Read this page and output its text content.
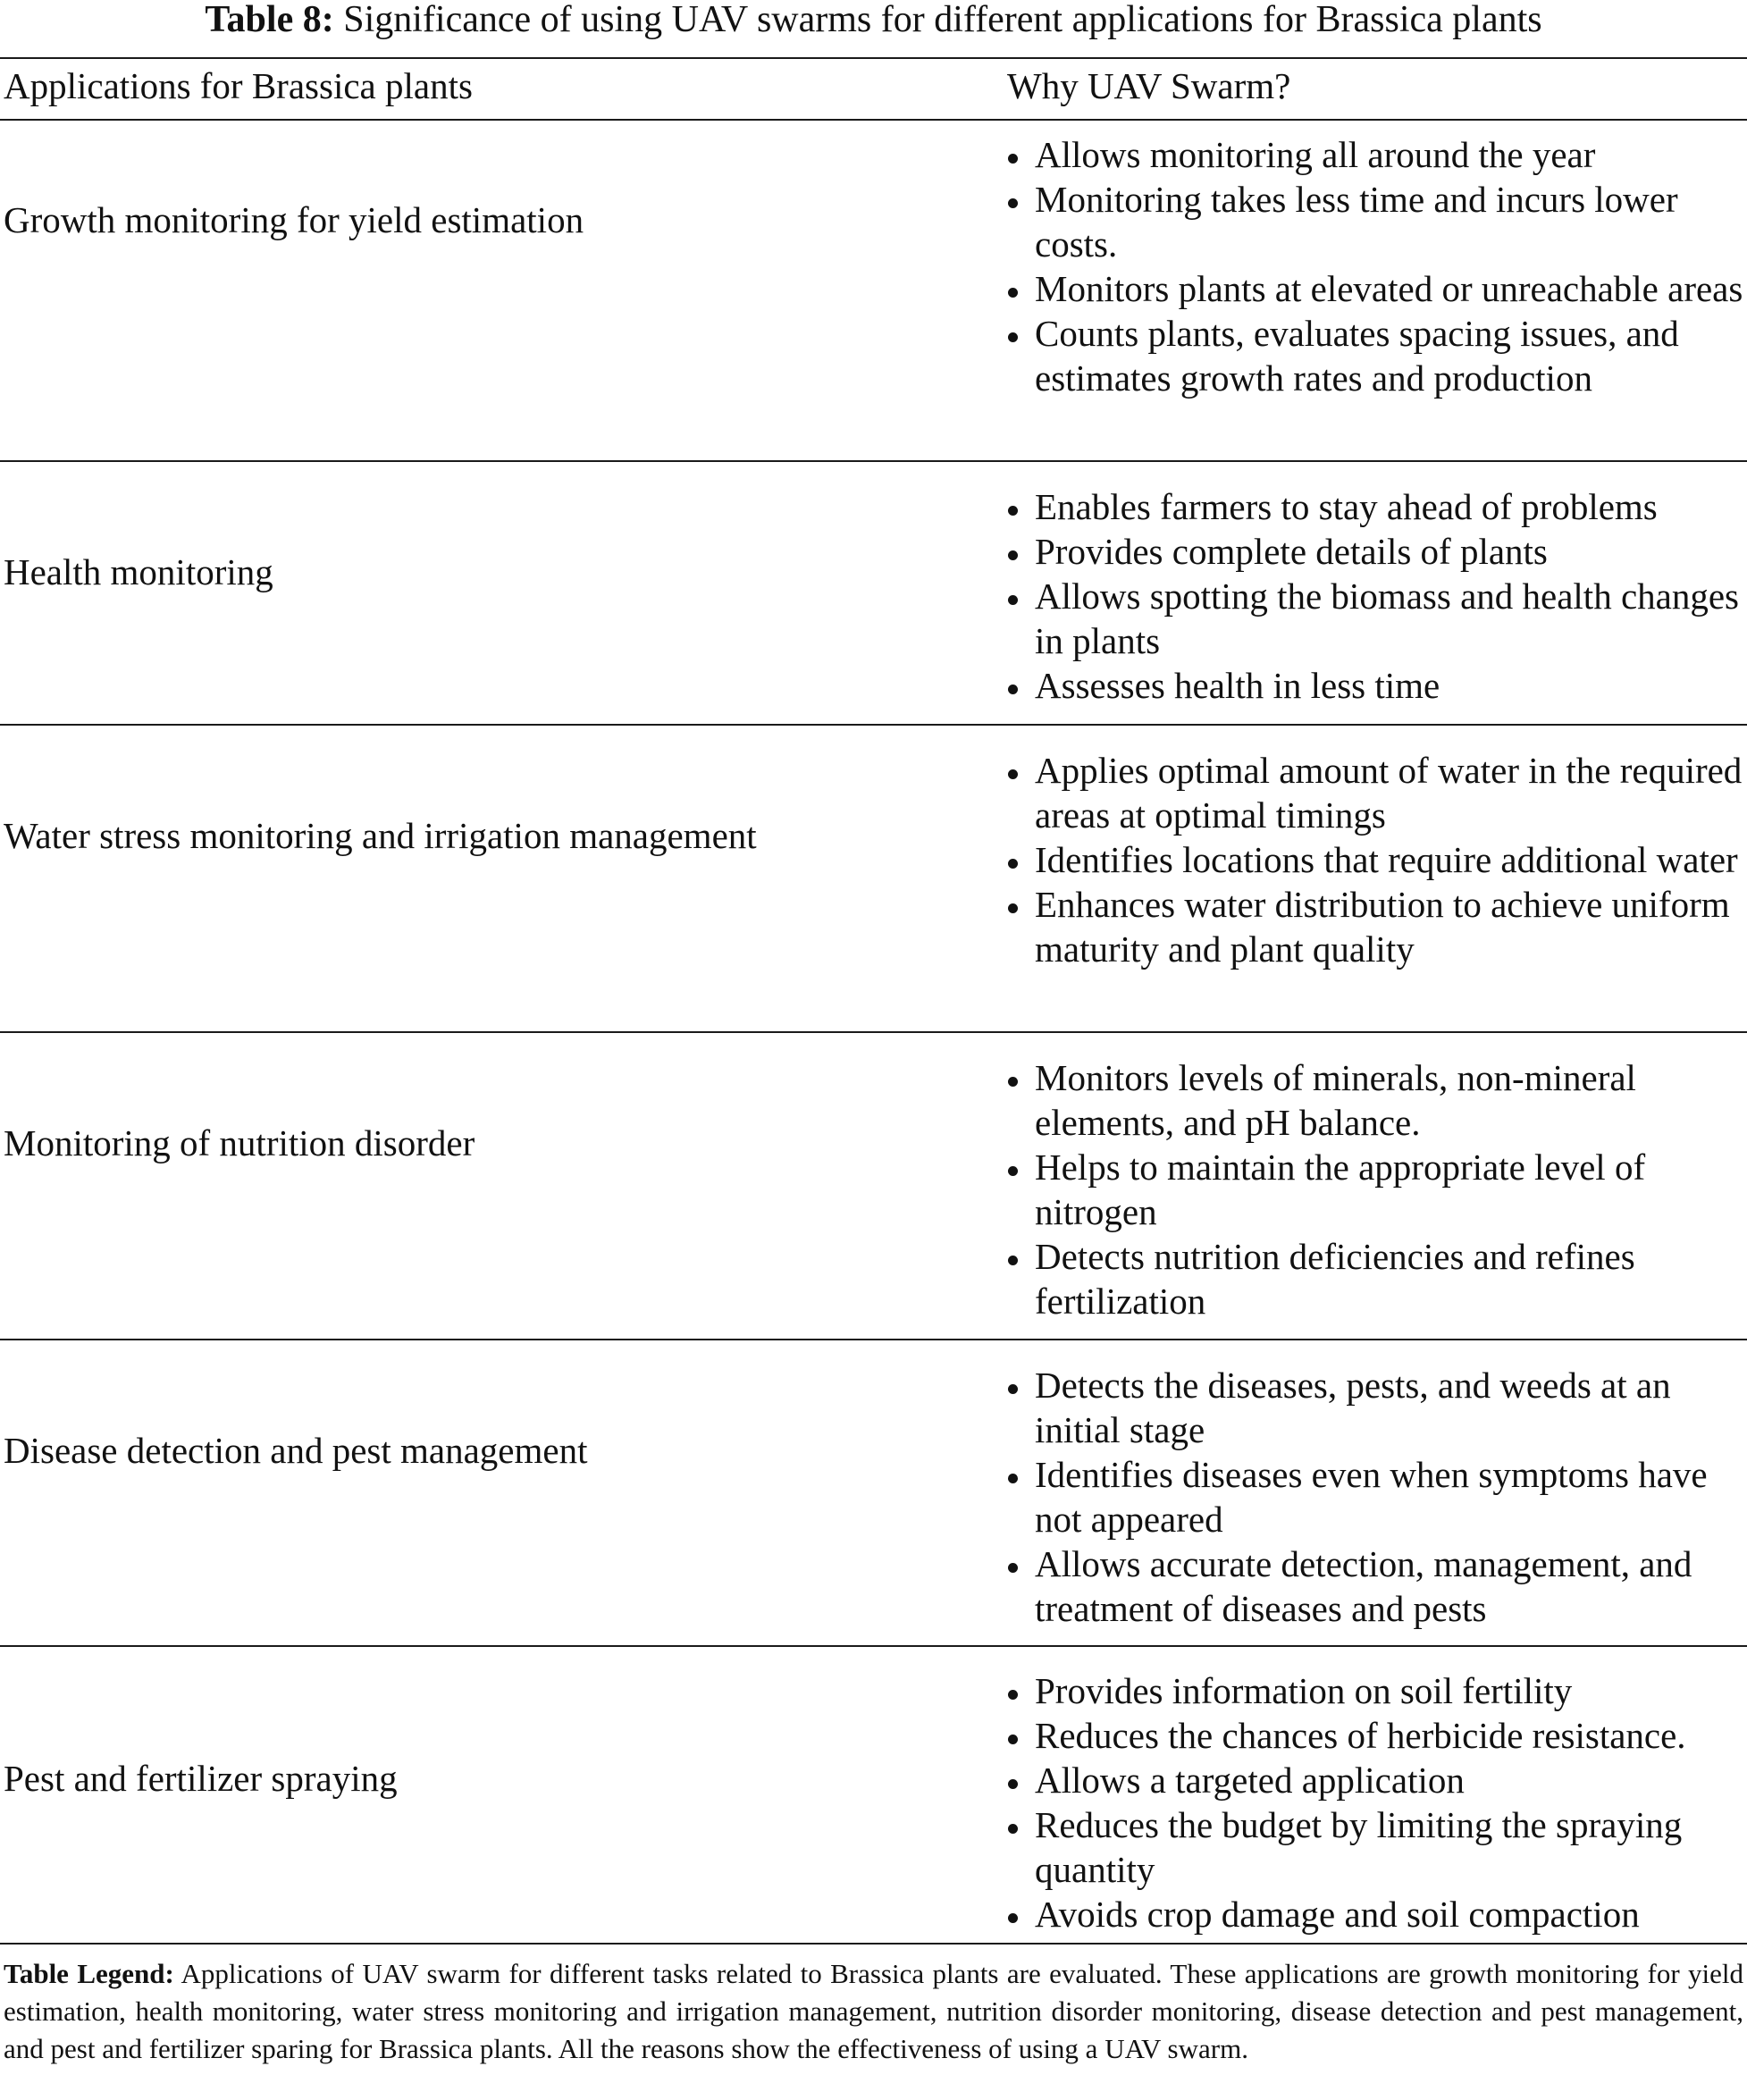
Table 8: Significance of using UAV swarms for different applications for Brassica plants
Applications for Brassica plants	Why UAV Swarm?
Growth monitoring for yield estimation
Allows monitoring all around the year
Monitoring takes less time and incurs lower costs.
Monitors plants at elevated or unreachable areas
Counts plants, evaluates spacing issues, and estimates growth rates and production
Health monitoring
Enables farmers to stay ahead of problems
Provides complete details of plants
Allows spotting the biomass and health changes in plants
Assesses health in less time
Water stress monitoring and irrigation management
Applies optimal amount of water in the required areas at optimal timings
Identifies locations that require additional water
Enhances water distribution to achieve uniform maturity and plant quality
Monitoring of nutrition disorder
Monitors levels of minerals, non-mineral elements, and pH balance.
Helps to maintain the appropriate level of nitrogen
Detects nutrition deficiencies and refines fertilization
Disease detection and pest management
Detects the diseases, pests, and weeds at an initial stage
Identifies diseases even when symptoms have not appeared
Allows accurate detection, management, and treatment of diseases and pests
Pest and fertilizer spraying
Provides information on soil fertility
Reduces the chances of herbicide resistance.
Allows a targeted application
Reduces the budget by limiting the spraying quantity
Avoids crop damage and soil compaction
Table Legend: Applications of UAV swarm for different tasks related to Brassica plants are evaluated. These applications are growth monitoring for yield estimation, health monitoring, water stress monitoring and irrigation management, nutrition disorder monitoring, disease detection and pest management, and pest and fertilizer sparing for Brassica plants. All the reasons show the effectiveness of using a UAV swarm.
